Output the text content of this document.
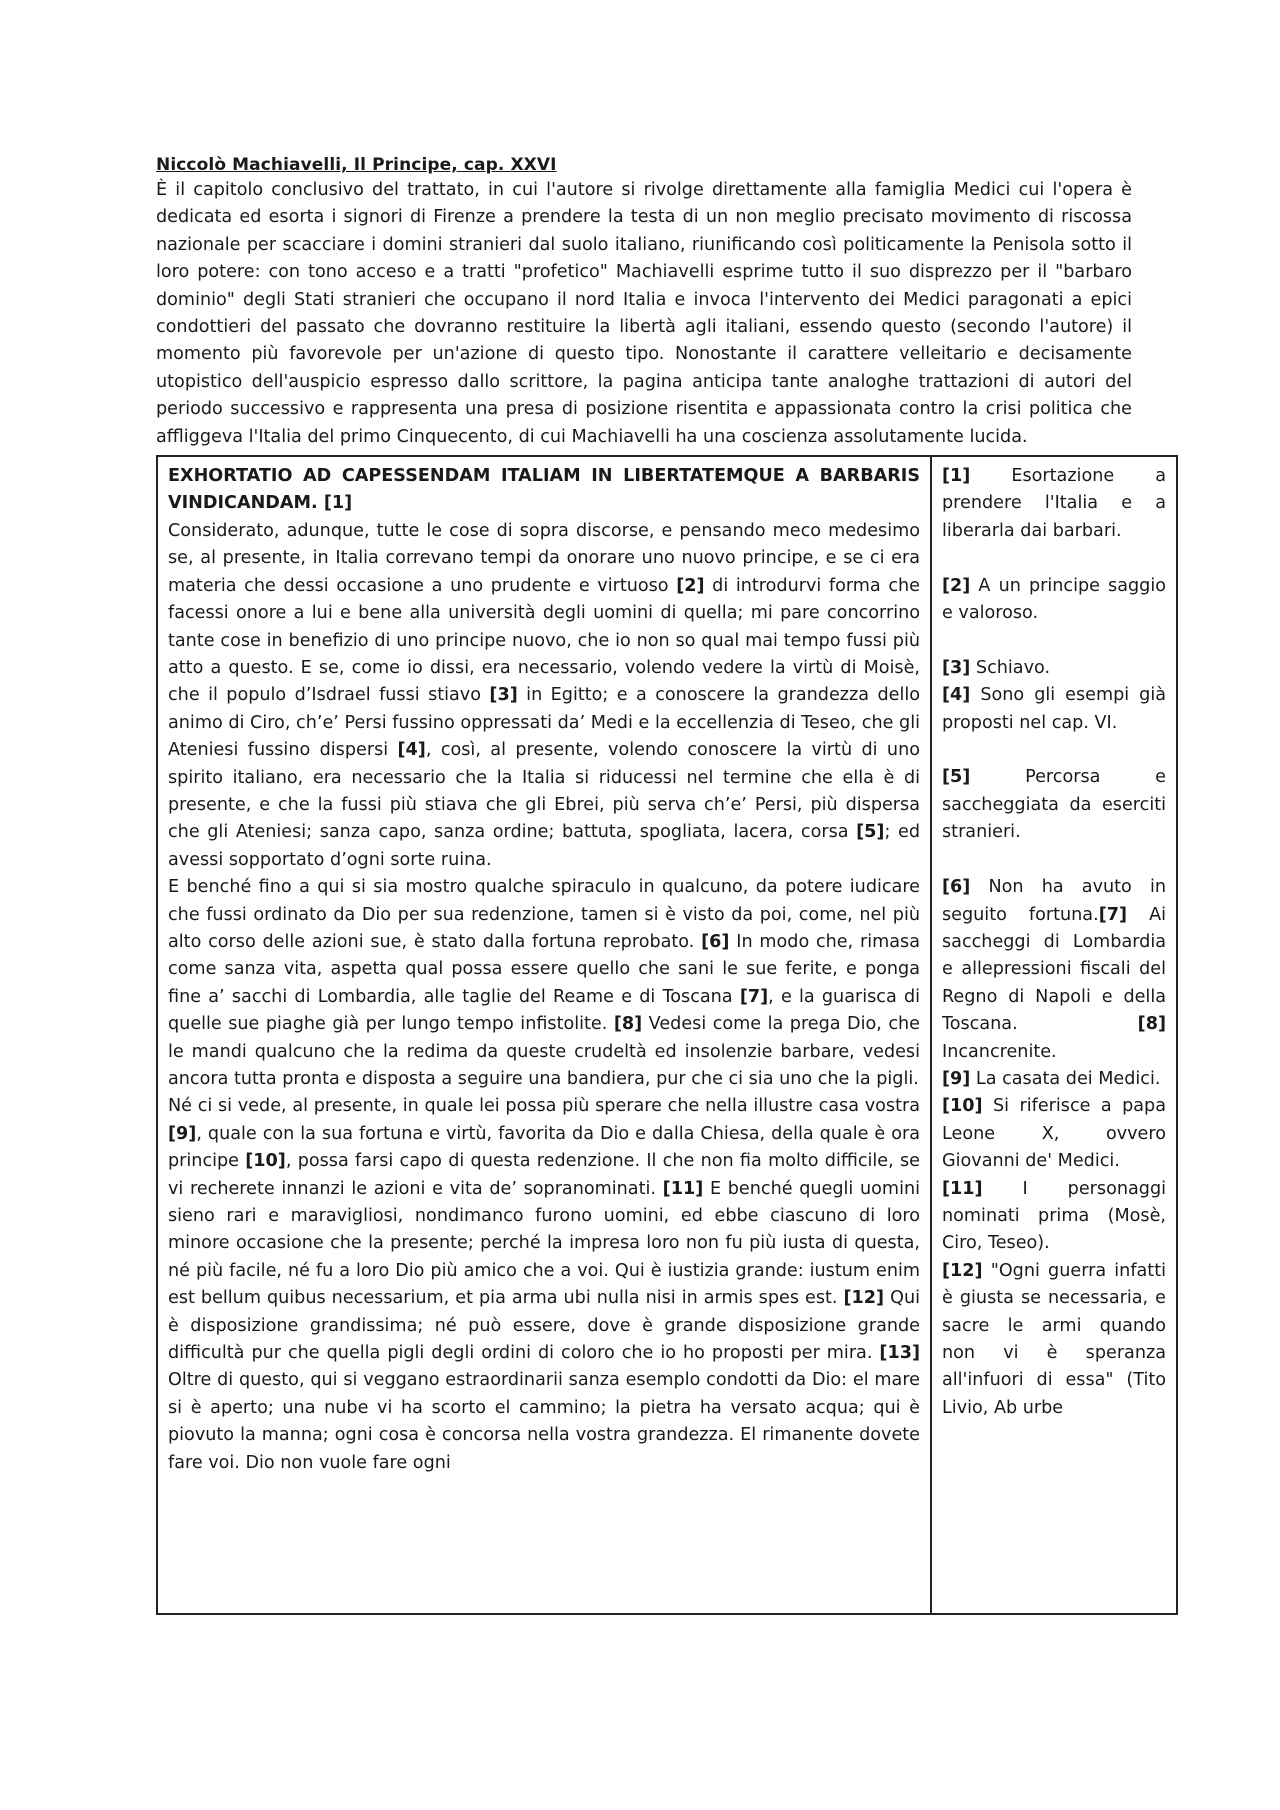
Niccolò Machiavelli, Il Principe, cap. XXVI

È il capitolo conclusivo del trattato, in cui l'autore si rivolge direttamente alla famiglia Medici cui l'opera è dedicata ed esorta i signori di Firenze a prendere la testa di un non meglio precisato movimento di riscossa nazionale per scacciare i domini stranieri dal suolo italiano, riunificando così politicamente la Penisola sotto il loro potere: con tono acceso e a tratti "profetico" Machiavelli esprime tutto il suo disprezzo per il "barbaro dominio" degli Stati stranieri che occupano il nord Italia e invoca l'intervento dei Medici paragonati a epici condottieri del passato che dovranno restituire la libertà agli italiani, essendo questo (secondo l'autore) il momento più favorevole per un'azione di questo tipo. Nonostante il carattere velleitario e decisamente utopistico dell'auspicio espresso dallo scrittore, la pagina anticipa tante analoghe trattazioni di autori del periodo successivo e rappresenta una presa di posizione risentita e appassionata contro la crisi politica che affliggeva l'Italia del primo Cinquecento, di cui Machiavelli ha una coscienza assolutamente lucida.

EXHORTATIO AD CAPESSENDAM ITALIAM IN LIBERTATEMQUE A BARBARIS VINDICANDAM. [1]

Considerato, adunque, tutte le cose di sopra discorse, e pensando meco medesimo se, al presente, in Italia correvano tempi da onorare uno nuovo principe, e se ci era materia che dessi occasione a uno prudente e virtuoso [2] di introdurvi forma che facessi onore a lui e bene alla università degli uomini di quella; mi pare concorrino tante cose in benefizio di uno principe nuovo, che io non so qual mai tempo fussi più atto a questo. E se, come io dissi, era necessario, volendo vedere la virtù di Moisè, che il populo d’Isdrael fussi stiavo [3] in Egitto; e a conoscere la grandezza dello animo di Ciro, ch’e’ Persi fussino oppressati da’ Medi e la eccellenzia di Teseo, che gli Ateniesi fussino dispersi [4], così, al presente, volendo conoscere la virtù di uno spirito italiano, era necessario che la Italia si riducessi nel termine che ella è di presente, e che la fussi più stiava che gli Ebrei, più serva ch’e’ Persi, più dispersa che gli Ateniesi; sanza capo, sanza ordine; battuta, spogliata, lacera, corsa [5]; ed avessi sopportato d’ogni sorte ruina.

E benché fino a qui si sia mostro qualche spiraculo in qualcuno, da potere iudicare che fussi ordinato da Dio per sua redenzione, tamen si è visto da poi, come, nel più alto corso delle azioni sue, è stato dalla fortuna reprobato. [6] In modo che, rimasa come sanza vita, aspetta qual possa essere quello che sani le sue ferite, e ponga fine a’ sacchi di Lombardia, alle taglie del Reame e di Toscana [7], e la guarisca di quelle sue piaghe già per lungo tempo infistolite. [8] Vedesi come la prega Dio, che le mandi qualcuno che la redima da queste crudeltà ed insolenzie barbare, vedesi ancora tutta pronta e disposta a seguire una bandiera, pur che ci sia uno che la pigli.

Né ci si vede, al presente, in quale lei possa più sperare che nella illustre casa vostra [9], quale con la sua fortuna e virtù, favorita da Dio e dalla Chiesa, della quale è ora principe [10], possa farsi capo di questa redenzione. Il che non fia molto difficile, se vi recherete innanzi le azioni e vita de’ sopranominati. [11] E benché quegli uomini sieno rari e maravigliosi, nondimanco furono uomini, ed ebbe ciascuno di loro minore occasione che la presente; perché la impresa loro non fu più iusta di questa, né più facile, né fu a loro Dio più amico che a voi. Qui è iustizia grande: iustum enim est bellum quibus necessarium, et pia arma ubi nulla nisi in armis spes est. [12] Qui è disposizione grandissima; né può essere, dove è grande disposizione grande difficultà pur che quella pigli degli ordini di coloro che io ho proposti per mira. [13] Oltre di questo, qui si veggano estraordinarii sanza esemplo condotti da Dio: el mare si è aperto; una nube vi ha scorto el cammino; la pietra ha versato acqua; qui è piovuto la manna; ogni cosa è concorsa nella vostra grandezza. El rimanente dovete fare voi. Dio non vuole fare ogni

[1] Esortazione a prendere l'Italia e a liberarla dai barbari.

[2] A un principe saggio e valoroso.

[3] Schiavo.

[4] Sono gli esempi già proposti nel cap. VI.

[5] Percorsa e saccheggiata da eserciti stranieri.

[6] Non ha avuto in seguito fortuna.[7] Ai saccheggi di Lombardia e allepressioni fiscali del Regno di Napoli e della Toscana.	[8] Incancrenite.

[9] La casata dei Medici.

[10] Si riferisce a papa Leone X, ovvero Giovanni de' Medici.

[11] I personaggi nominati prima (Mosè, Ciro, Teseo).

[12] "Ogni guerra infatti è giusta se necessaria, e sacre le armi quando non vi è speranza all'infuori di essa" (Tito Livio, Ab urbe
